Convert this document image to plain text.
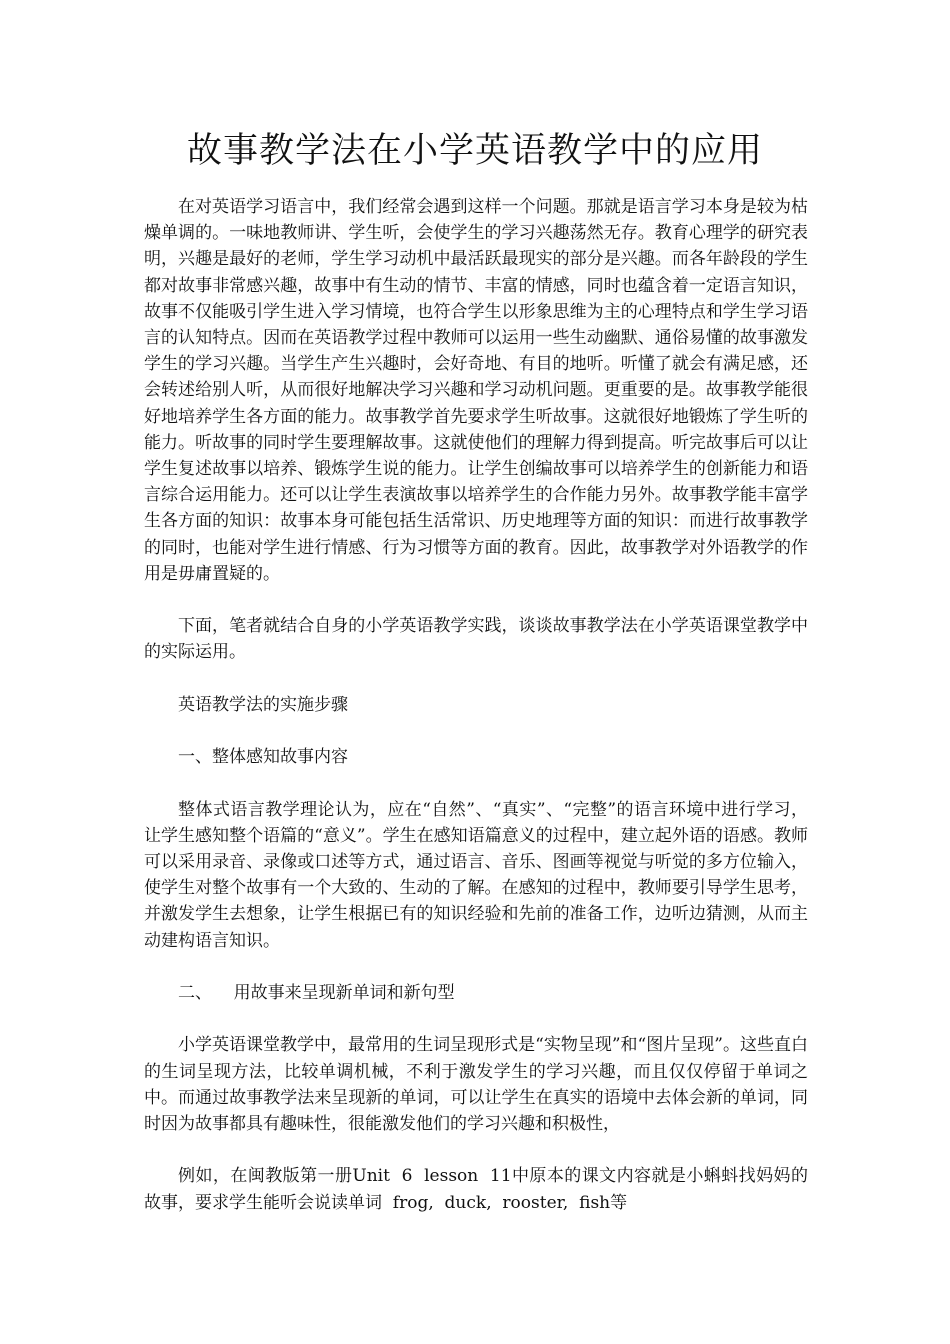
故事教学法在小学英语教学中的应用

在对英语学习语言中，我们经常会遇到这样一个问题。那就是语言学习本身是较为枯燥单调的。一味地教师讲、学生听，会使学生的学习兴趣荡然无存。教育心理学的研究表明，兴趣是最好的老师，学生学习动机中最活跃最现实的部分是兴趣。而各年龄段的学生都对故事非常感兴趣，故事中有生动的情节、丰富的情感，同时也蕴含着一定语言知识，故事不仅能吸引学生进入学习情境，也符合学生以形象思维为主的心理特点和学生学习语言的认知特点。因而在英语教学过程中教师可以运用一些生动幽默、通俗易懂的故事激发学生的学习兴趣。当学生产生兴趣时，会好奇地、有目的地听。听懂了就会有满足感，还会转述给别人听，从而很好地解决学习兴趣和学习动机问题。更重要的是。故事教学能很好地培养学生各方面的能力。故事教学首先要求学生听故事。这就很好地锻炼了学生听的能力。听故事的同时学生要理解故事。这就使他们的理解力得到提高。听完故事后可以让学生复述故事以培养、锻炼学生说的能力。让学生创编故事可以培养学生的创新能力和语言综合运用能力。还可以让学生表演故事以培养学生的合作能力另外。故事教学能丰富学生各方面的知识：故事本身可能包括生活常识、历史地理等方面的知识：而进行故事教学的同时，也能对学生进行情感、行为习惯等方面的教育。因此，故事教学对外语教学的作用是毋庸置疑的。

下面，笔者就结合自身的小学英语教学实践，谈谈故事教学法在小学英语课堂教学中的实际运用。

英语教学法的实施步骤

一、整体感知故事内容

整体式语言教学理论认为，应在“自然”、“真实”、“完整”的语言环境中进行学习，让学生感知整个语篇的“意义”。学生在感知语篇意义的过程中，建立起外语的语感。教师可以采用录音、录像或口述等方式，通过语言、音乐、图画等视觉与听觉的多方位输入，使学生对整个故事有一个大致的、生动的了解。在感知的过程中，教师要引导学生思考，并激发学生去想象，让学生根据已有的知识经验和先前的准备工作，边听边猜测，从而主动建构语言知识。

二、    用故事来呈现新单词和新句型

小学英语课堂教学中，最常用的生词呈现形式是“实物呈现”和“图片呈现”。这些直白的生词呈现方法，比较单调机械，不利于激发学生的学习兴趣，而且仅仅停留于单词之中。而通过故事教学法来呈现新的单词，可以让学生在真实的语境中去体会新的单词，同时因为故事都具有趣味性，很能激发他们的学习兴趣和积极性，

例如，在闽教版第一册Unit  6  lesson  11中原本的课文内容就是小蝌蚪找妈妈的故事，要求学生能听会说读单词  frog,  duck,  rooster,  fish等
